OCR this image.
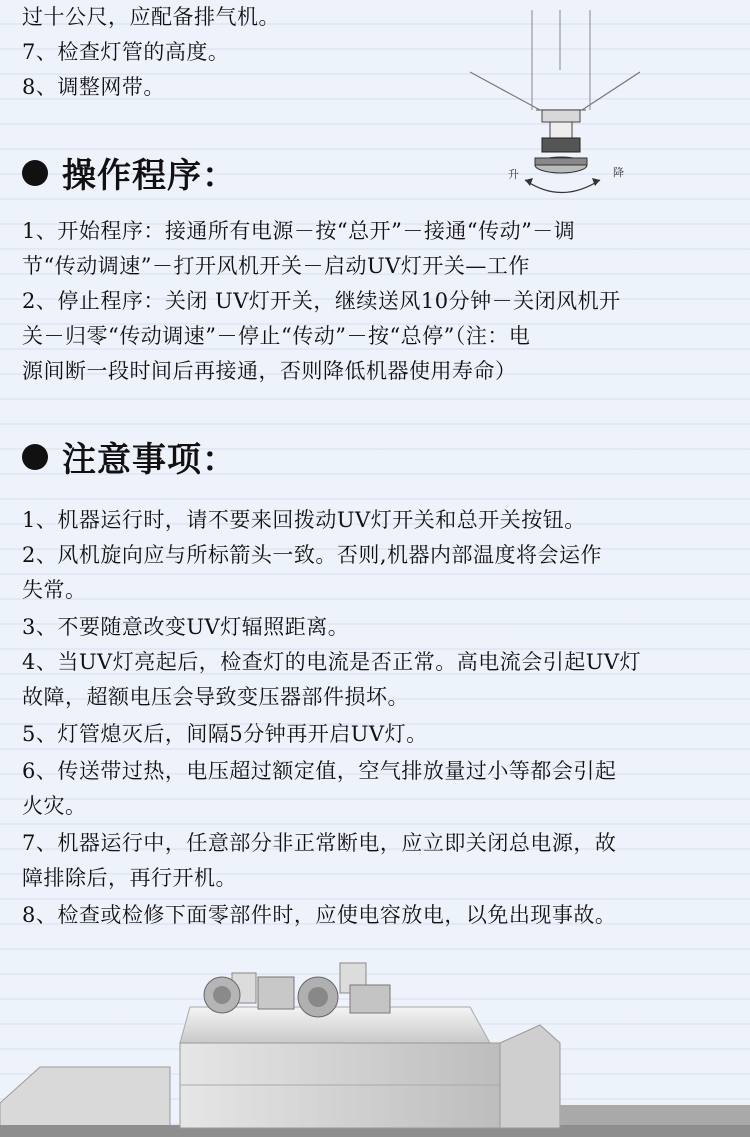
过十公尺，应配备排气机。
7、检查灯管的高度。
8、调整网带。
升	降
操作程序：
1、开始程序：接通所有电源－按“总开”－接通“传动”－调
节“传动调速”－打开风机开关－启动UV灯开关—工作
2、停止程序：关闭 UV灯开关，继续送风10分钟－关闭风机开
关－归零“传动调速”－停止“传动”－按“总停”（注：电
源间断一段时间后再接通，否则降低机器使用寿命）
注意事项：
1、机器运行时，请不要来回拨动UV灯开关和总开关按钮。
2、风机旋向应与所标箭头一致。否则,机器内部温度将会运作
失常。
3、不要随意改变UV灯辐照距离。
4、当UV灯亮起后，检查灯的电流是否正常。高电流会引起UV灯
故障，超额电压会导致变压器部件损坏。
5、灯管熄灭后，间隔5分钟再开启UV灯。
6、传送带过热，电压超过额定值，空气排放量过小等都会引起
火灾。
7、机器运行中，任意部分非正常断电，应立即关闭总电源，故
障排除后，再行开机。
8、检查或检修下面零部件时，应使电容放电，以免出现事故。
